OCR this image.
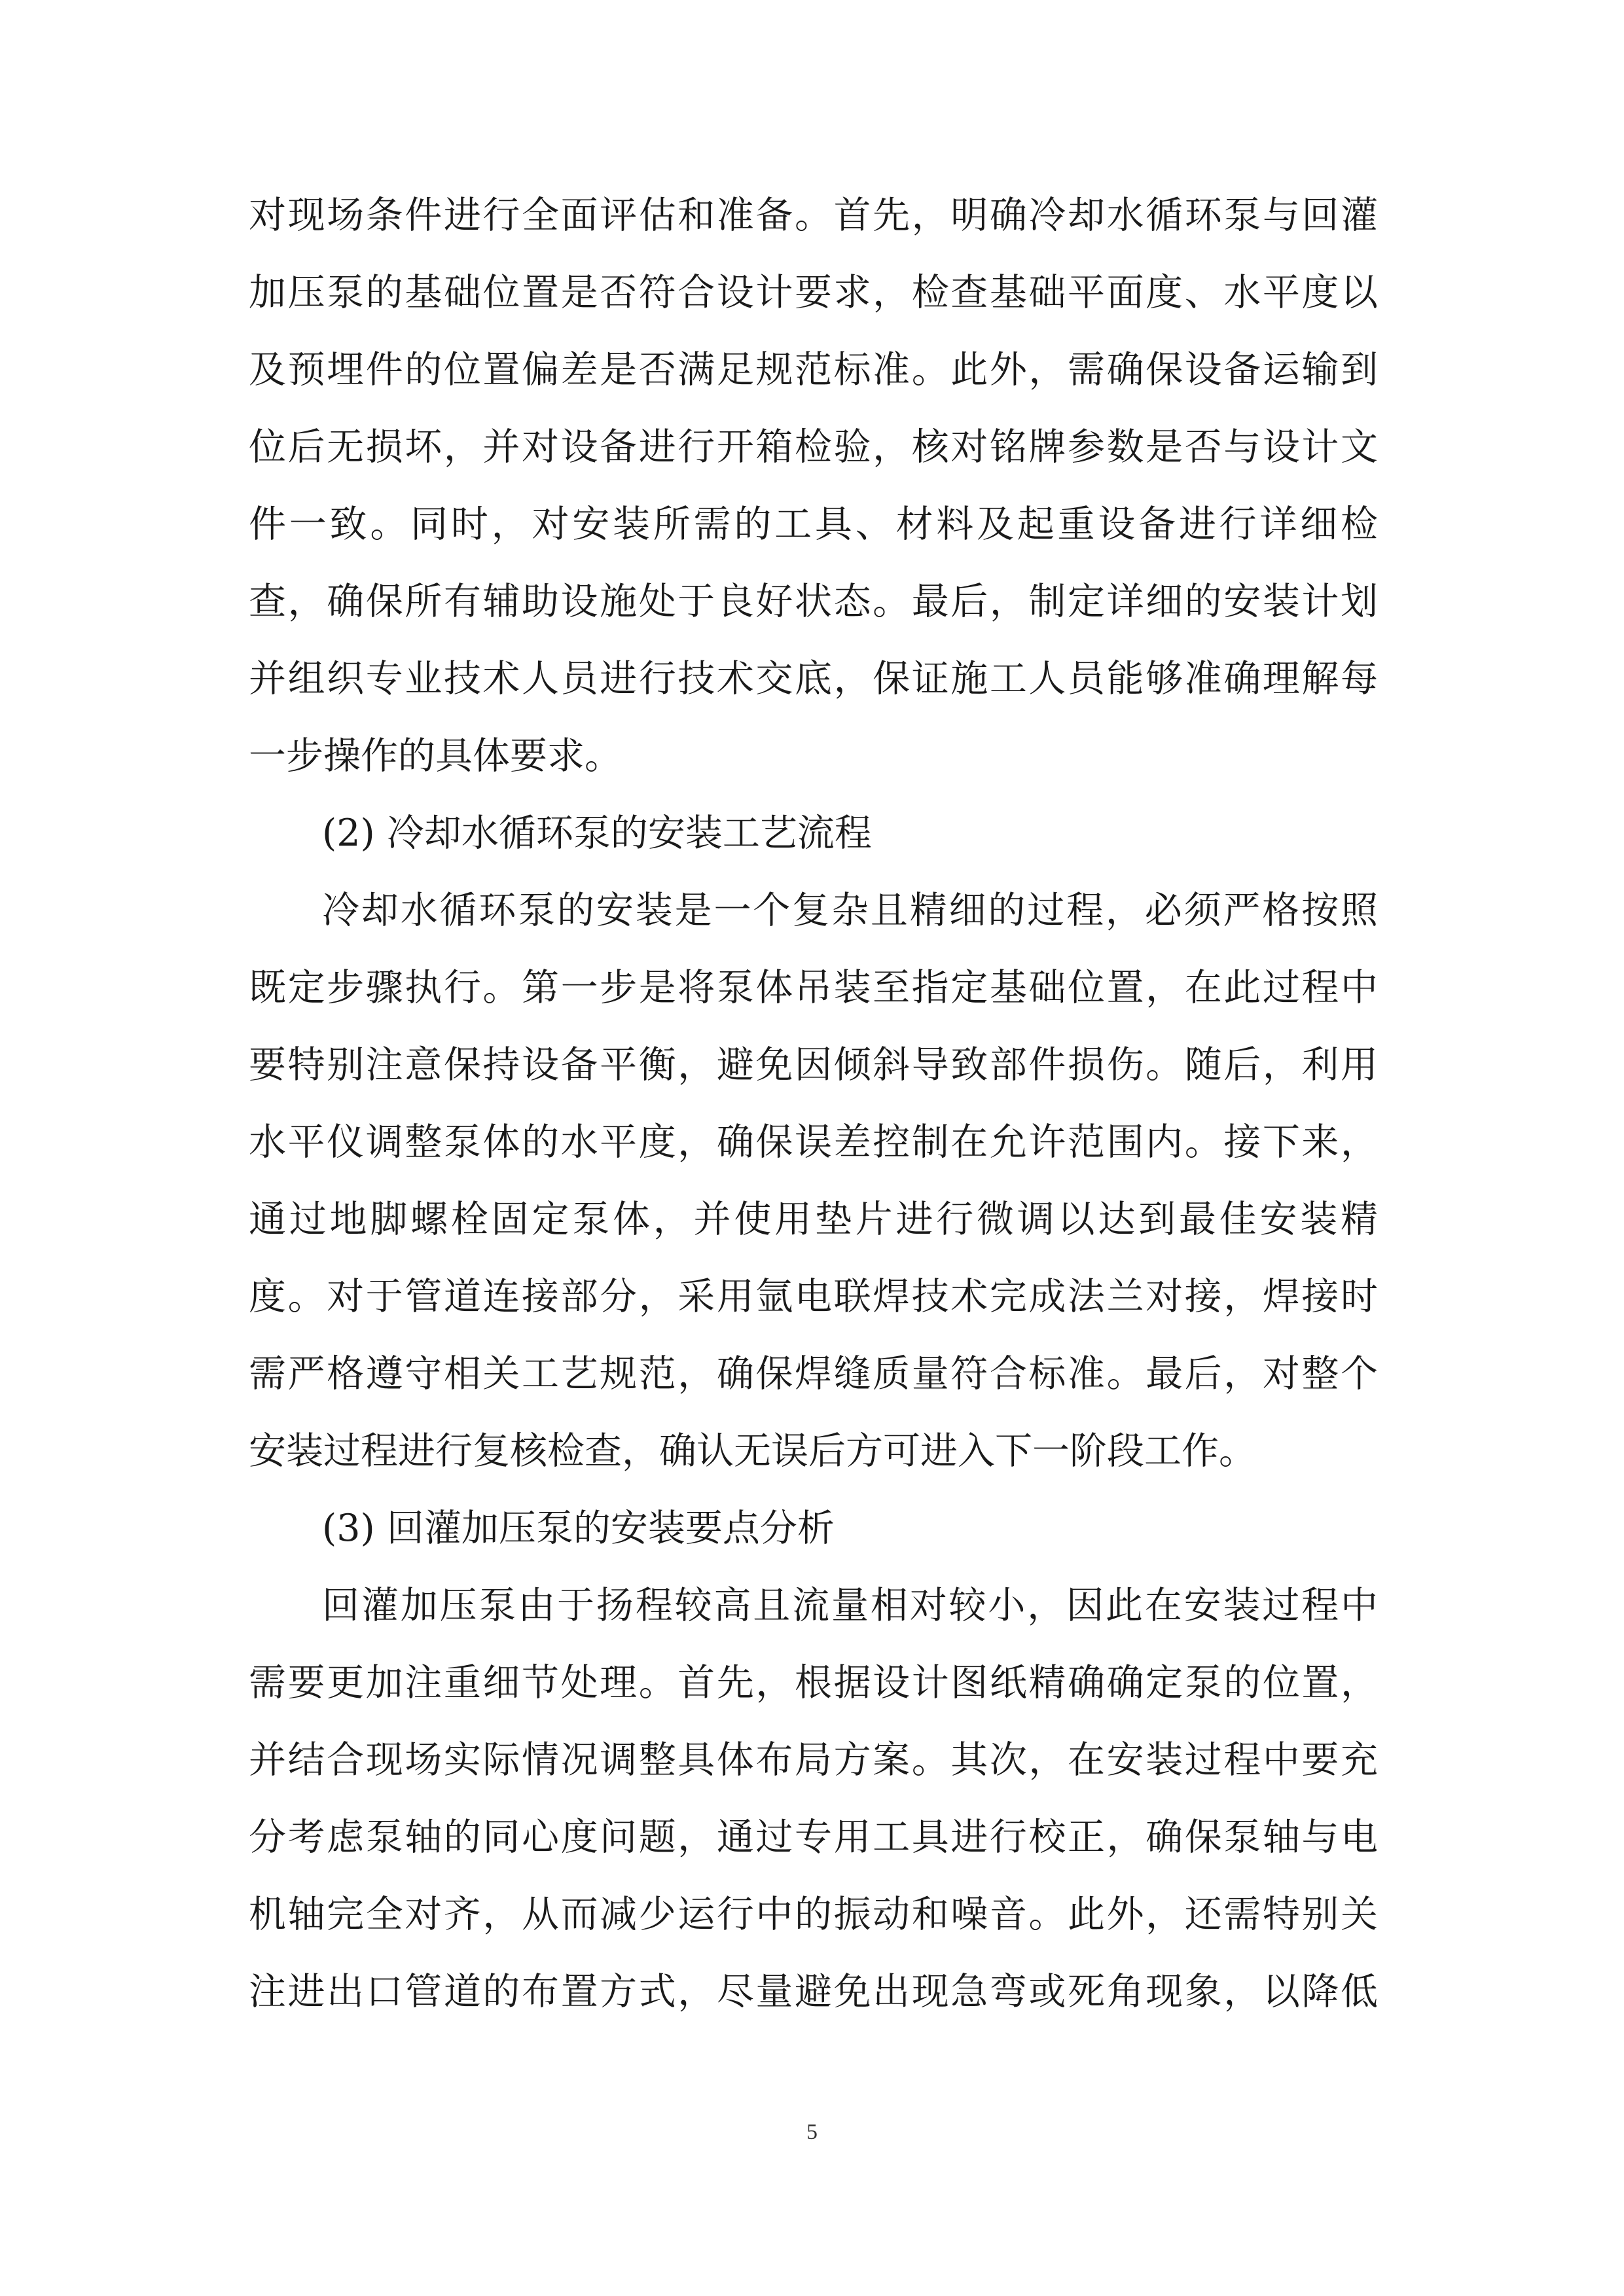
对现场条件进行全面评估和准备。首先，明确冷却水循环泵与回灌
加压泵的基础位置是否符合设计要求，检查基础平面度、水平度以
及预埋件的位置偏差是否满足规范标准。此外，需确保设备运输到
位后无损坏，并对设备进行开箱检验，核对铭牌参数是否与设计文
件一致。同时，对安装所需的工具、材料及起重设备进行详细检
查，确保所有辅助设施处于良好状态。最后，制定详细的安装计划
并组织专业技术人员进行技术交底，保证施工人员能够准确理解每
一步操作的具体要求。
(2) 冷却水循环泵的安装工艺流程
冷却水循环泵的安装是一个复杂且精细的过程，必须严格按照
既定步骤执行。第一步是将泵体吊装至指定基础位置，在此过程中
要特别注意保持设备平衡，避免因倾斜导致部件损伤。随后，利用
水平仪调整泵体的水平度，确保误差控制在允许范围内。接下来，
通过地脚螺栓固定泵体，并使用垫片进行微调以达到最佳安装精
度。对于管道连接部分，采用氩电联焊技术完成法兰对接，焊接时
需严格遵守相关工艺规范，确保焊缝质量符合标准。最后，对整个
安装过程进行复核检查，确认无误后方可进入下一阶段工作。
(3) 回灌加压泵的安装要点分析
回灌加压泵由于扬程较高且流量相对较小，因此在安装过程中
需要更加注重细节处理。首先，根据设计图纸精确确定泵的位置，
并结合现场实际情况调整具体布局方案。其次，在安装过程中要充
分考虑泵轴的同心度问题，通过专用工具进行校正，确保泵轴与电
机轴完全对齐，从而减少运行中的振动和噪音。此外，还需特别关
注进出口管道的布置方式，尽量避免出现急弯或死角现象，以降低
5
